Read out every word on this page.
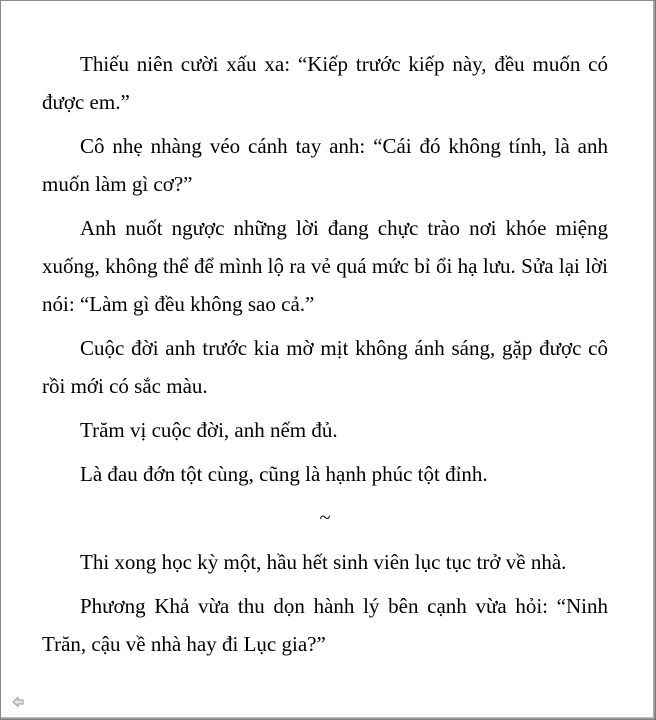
Thiếu niên cười xấu xa: “Kiếp trước kiếp này, đều muốn có được em.”

Cô nhẹ nhàng véo cánh tay anh: “Cái đó không tính, là anh muốn làm gì cơ?”

Anh nuốt ngược những lời đang chực trào nơi khóe miệng xuống, không thể để mình lộ ra vẻ quá mức bỉ ổi hạ lưu. Sửa lại lời nói: “Làm gì đều không sao cả.”

Cuộc đời anh trước kia mờ mịt không ánh sáng, gặp được cô rồi mới có sắc màu.

Trăm vị cuộc đời, anh nếm đủ.

Là đau đớn tột cùng, cũng là hạnh phúc tột đỉnh.

~

Thi xong học kỳ một, hầu hết sinh viên lục tục trở về nhà.

Phương Khả vừa thu dọn hành lý bên cạnh vừa hỏi: “Ninh Trăn, cậu về nhà hay đi Lục gia?”
